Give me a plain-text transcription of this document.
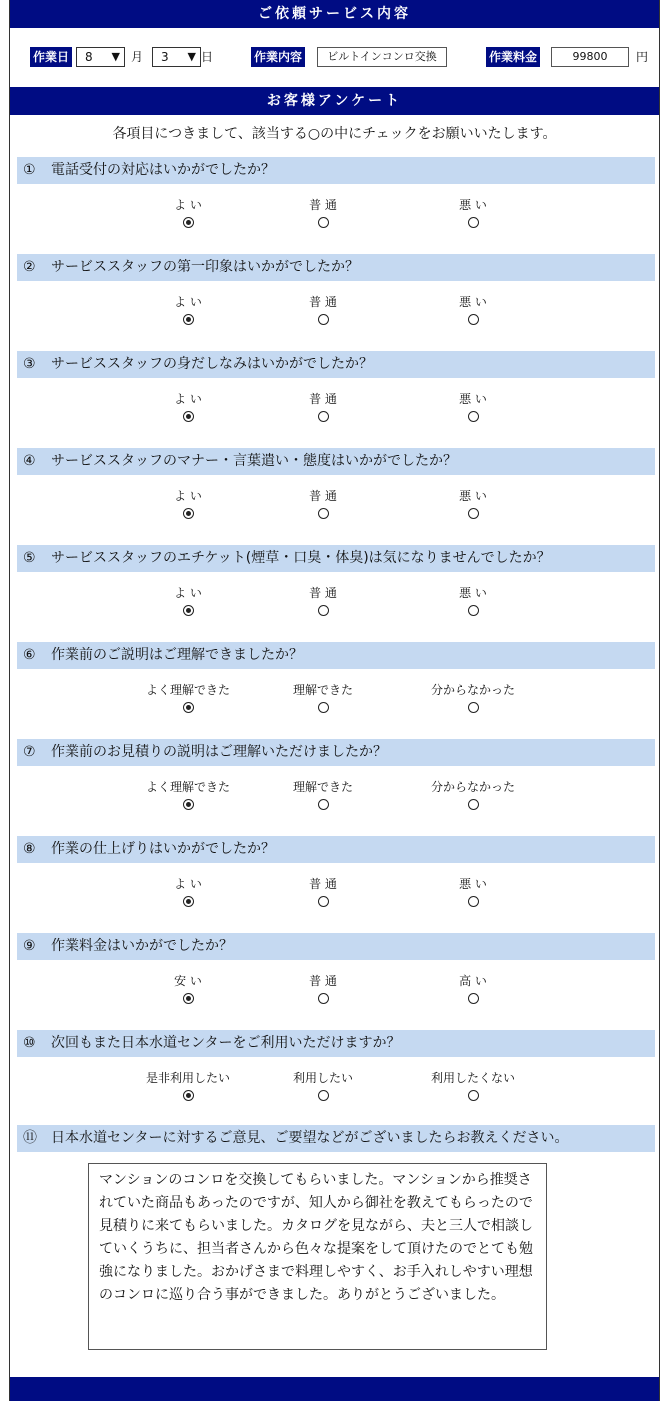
ご依頼サービス内容
作業日	8 ▼ 月	3 ▼ 日	作業内容	ビルトインコンロ交換	作業料金	99800	円
お客様アンケート
各項目につきまして、該当する○の中にチェックをお願いいたします。
① 電話受付の対応はいかがでしたか？
よ い	普 通	悪 い
② サービススタッフの第一印象はいかがでしたか？
よ い	普 通	悪 い
③ サービススタッフの身だしなみはいかがでしたか？
よ い	普 通	悪 い
④ サービススタッフのマナー・言葉遣い・態度はいかがでしたか？
よ い	普 通	悪 い
⑤ サービススタッフのエチケット(煙草・口臭・体臭)は気になりませんでしたか？
よ い	普 通	悪 い
⑥ 作業前のご説明はご理解できましたか？
よく理解できた	理解できた	分からなかった
⑦ 作業前のお見積りの説明はご理解いただけましたか？
よく理解できた	理解できた	分からなかった
⑧ 作業の仕上げりはいかがでしたか？
よ い	普 通	悪 い
⑨ 作業料金はいかがでしたか？
安 い	普 通	高 い
⑩ 次回もまた日本水道センターをご利用いただけますか？
是非利用したい	利用したい	利用したくない
⑪ 日本水道センターに対するご意見、ご要望などがございましたらお教えください。
マンションのコンロを交換してもらいました。マンションから推奨されていた商品もあったのですが、知人から御社を教えてもらったので見積りに来てもらいました。カタログを見ながら、夫と三人で相談していくうちに、担当者さんから色々な提案をして頂けたのでとても勉強になりました。おかげさまで料理しやすく、お手入れしやすい理想のコンロに巡り合う事ができました。ありがとうございました。
